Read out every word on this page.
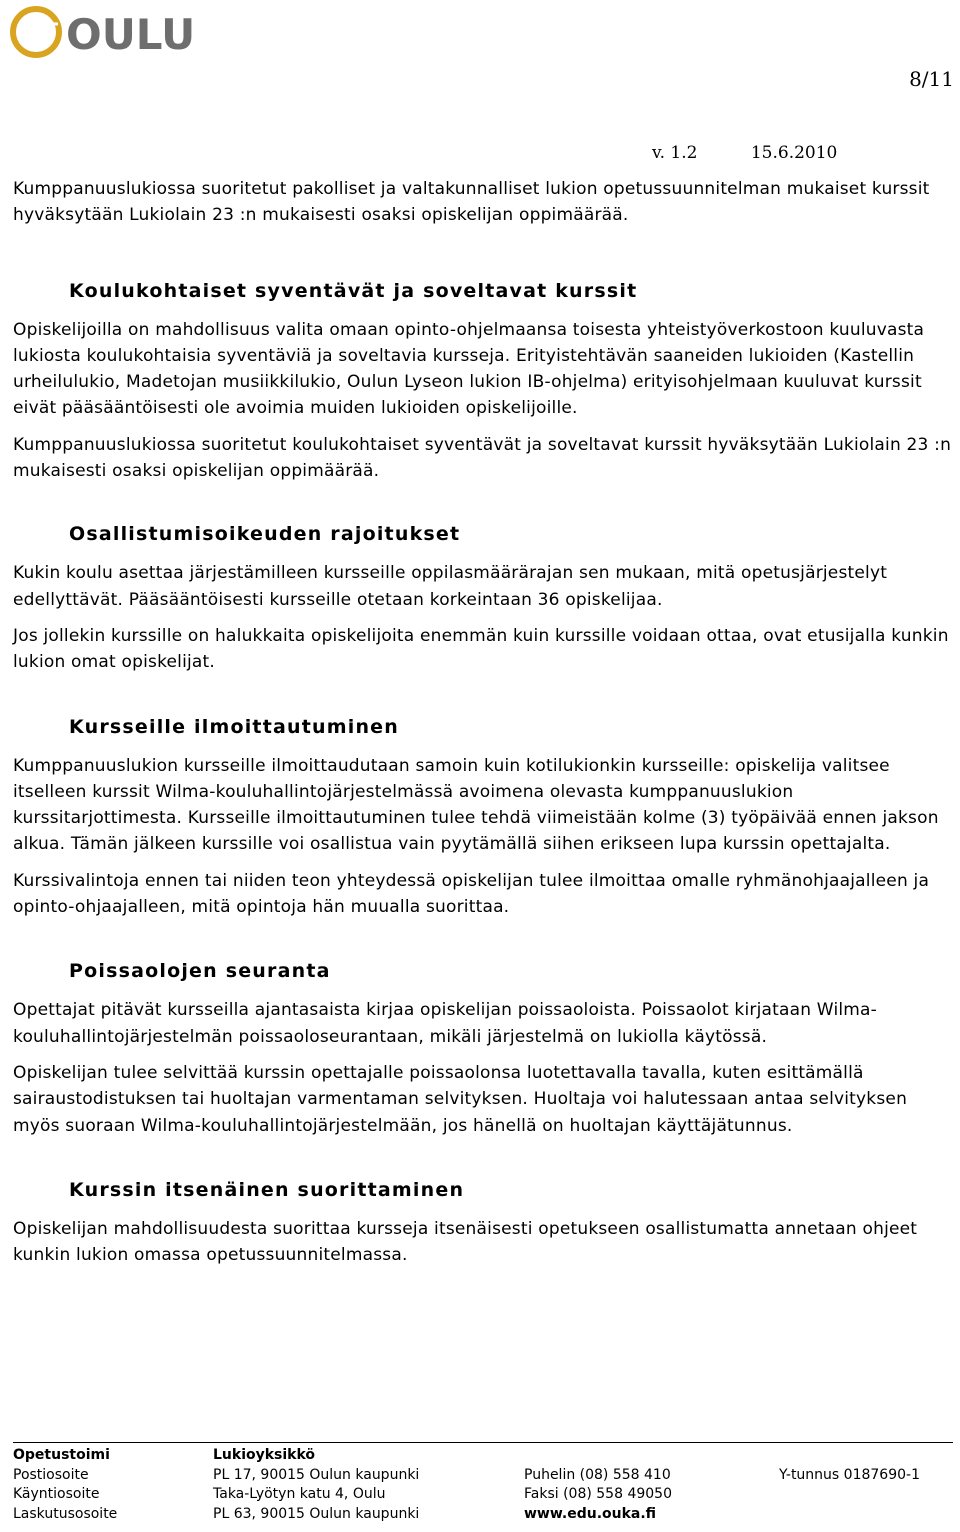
OULU
8/11
v. 1.2	15.6.2010

Kumppanuuslukiossa suoritetut pakolliset ja valtakunnalliset lukion opetussuunnitelman mukaiset kurssit hyväksytään Lukiolain 23 :n mukaisesti osaksi opiskelijan oppimäärää.

Koulukohtaiset syventävät ja soveltavat kurssit

Opiskelijoilla on mahdollisuus valita omaan opinto-ohjelmaansa toisesta yhteistyöverkostoon kuuluvasta lukiosta koulukohtaisia syventäviä ja soveltavia kursseja. Erityistehtävän saaneiden lukioiden (Kastellin urheilulukio, Madetojan musiikkilukio, Oulun Lyseon lukion IB-ohjelma) erityisohjelmaan kuuluvat kurssit eivät pääsääntöisesti ole avoimia muiden lukioiden opiskelijoille.

Kumppanuuslukiossa suoritetut koulukohtaiset syventävät ja soveltavat kurssit hyväksytään Lukiolain 23 :n mukaisesti osaksi opiskelijan oppimäärää.

Osallistumisoikeuden rajoitukset

Kukin koulu asettaa järjestämilleen kursseille oppilasmäärärajan sen mukaan, mitä opetusjärjestelyt edellyttävät. Pääsääntöisesti kursseille otetaan korkeintaan 36 opiskelijaa.

Jos jollekin kurssille on halukkaita opiskelijoita enemmän kuin kurssille voidaan ottaa, ovat etusijalla kunkin lukion omat opiskelijat.

Kursseille ilmoittautuminen

Kumppanuuslukion kursseille ilmoittaudutaan samoin kuin kotilukionkin kursseille: opiskelija valitsee itselleen kurssit Wilma-kouluhallintojärjestelmässä avoimena olevasta kumppanuuslukion kurssitarjottimesta. Kursseille ilmoittautuminen tulee tehdä viimeistään kolme (3) työpäivää ennen jakson alkua. Tämän jälkeen kurssille voi osallistua vain pyytämällä siihen erikseen lupa kurssin opettajalta.

Kurssivalintoja ennen tai niiden teon yhteydessä opiskelijan tulee ilmoittaa omalle ryhmänohjaajalleen ja opinto-ohjaajalleen, mitä opintoja hän muualla suorittaa.

Poissaolojen seuranta

Opettajat pitävät kursseilla ajantasaista kirjaa opiskelijan poissaoloista. Poissaolot kirjataan Wilma-kouluhallintojärjestelmän poissaoloseurantaan, mikäli järjestelmä on lukiolla käytössä.

Opiskelijan tulee selvittää kurssin opettajalle poissaolonsa luotettavalla tavalla, kuten esittämällä sairaustodistuksen tai huoltajan varmentaman selvityksen. Huoltaja voi halutessaan antaa selvityksen myös suoraan Wilma-kouluhallintojärjestelmään, jos hänellä on huoltajan käyttäjätunnus.

Kurssin itsenäinen suorittaminen

Opiskelijan mahdollisuudesta suorittaa kursseja itsenäisesti opetukseen osallistumatta annetaan ohjeet kunkin lukion omassa opetussuunnitelmassa.

Opetustoimi	Lukioyksikkö		
Postiosoite	PL 17, 90015 Oulun kaupunki	Puhelin (08) 558 410	Y-tunnus 0187690-1
Käyntiosoite	Taka-Lyötyn katu 4, Oulu	Faksi (08) 558 49050	
Laskutusosoite	PL 63, 90015 Oulun kaupunki	www.edu.ouka.fi	
